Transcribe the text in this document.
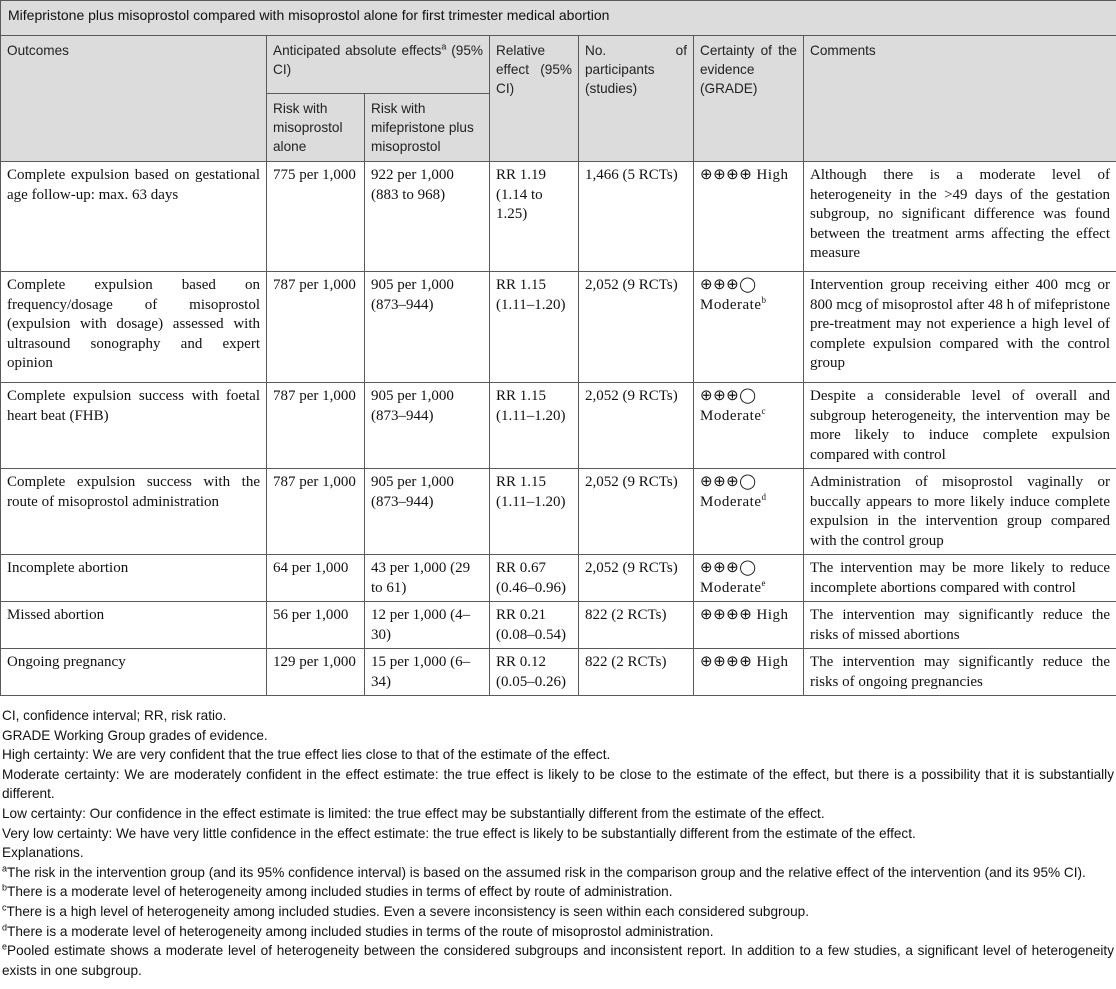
Mifepristone plus misoprostol compared with misoprostol alone for first trimester medical abortion						
Outcomes	Anticipated absolute effects$^a$ (95% CI)		Relative effect (95% CI)	No. of participants (studies)	Certainty of the evidence (GRADE)	Comments
	Risk with misoprostol alone	Risk with mifepristone plus misoprostol				
Complete expulsion based on gestational age follow-up: max. 63 days	775 per 1,000	922 per 1,000 (883 to 968)	RR 1.19 (1.14 to 1.25)	1,466 (5 RCTs)	⊕⊕⊕⊕ High	Although there is a moderate level of heterogeneity in the >49 days of the gestation subgroup, no significant difference was found between the treatment arms affecting the effect measure
Complete expulsion based on frequency/dosage of misoprostol (expulsion with dosage) assessed with ultrasound sonography and expert opinion	787 per 1,000	905 per 1,000 (873–944)	RR 1.15 (1.11–1.20)	2,052 (9 RCTs)	⊕⊕⊕◯ Moderate$^b$	Intervention group receiving either 400 mcg or 800 mcg of misoprostol after 48 h of mifepristone pre-treatment may not experience a high level of complete expulsion compared with the control group
Complete expulsion success with foetal heart beat (FHB)	787 per 1,000	905 per 1,000 (873–944)	RR 1.15 (1.11–1.20)	2,052 (9 RCTs)	⊕⊕⊕◯ Moderate$^c$	Despite a considerable level of overall and subgroup heterogeneity, the intervention may be more likely to induce complete expulsion compared with control
Complete expulsion success with the route of misoprostol administration	787 per 1,000	905 per 1,000 (873–944)	RR 1.15 (1.11–1.20)	2,052 (9 RCTs)	⊕⊕⊕◯ Moderate$^d$	Administration of misoprostol vaginally or buccally appears to more likely induce complete expulsion in the intervention group compared with the control group
Incomplete abortion	64 per 1,000	43 per 1,000 (29 to 61)	RR 0.67 (0.46–0.96)	2,052 (9 RCTs)	⊕⊕⊕◯ Moderate$^e$	The intervention may be more likely to reduce incomplete abortions compared with control
Missed abortion	56 per 1,000	12 per 1,000 (4–30)	RR 0.21 (0.08–0.54)	822 (2 RCTs)	⊕⊕⊕⊕ High	The intervention may significantly reduce the risks of missed abortions
Ongoing pregnancy	129 per 1,000	15 per 1,000 (6–34)	RR 0.12 (0.05–0.26)	822 (2 RCTs)	⊕⊕⊕⊕ High	The intervention may significantly reduce the risks of ongoing pregnancies

CI, confidence interval; RR, risk ratio.

GRADE Working Group grades of evidence.

High certainty: We are very confident that the true effect lies close to that of the estimate of the effect.

Moderate certainty: We are moderately confident in the effect estimate: the true effect is likely to be close to the estimate of the effect, but there is a possibility that it is substantially different.

Low certainty: Our confidence in the effect estimate is limited: the true effect may be substantially different from the estimate of the effect.

Very low certainty: We have very little confidence in the effect estimate: the true effect is likely to be substantially different from the estimate of the effect.

Explanations.

$^a$The risk in the intervention group (and its 95% confidence interval) is based on the assumed risk in the comparison group and the relative effect of the intervention (and its 95% CI).

$^b$There is a moderate level of heterogeneity among included studies in terms of effect by route of administration.

$^c$There is a high level of heterogeneity among included studies. Even a severe inconsistency is seen within each considered subgroup.

$^d$There is a moderate level of heterogeneity among included studies in terms of the route of misoprostol administration.

$^e$Pooled estimate shows a moderate level of heterogeneity between the considered subgroups and inconsistent report. In addition to a few studies, a significant level of heterogeneity exists in one subgroup.
